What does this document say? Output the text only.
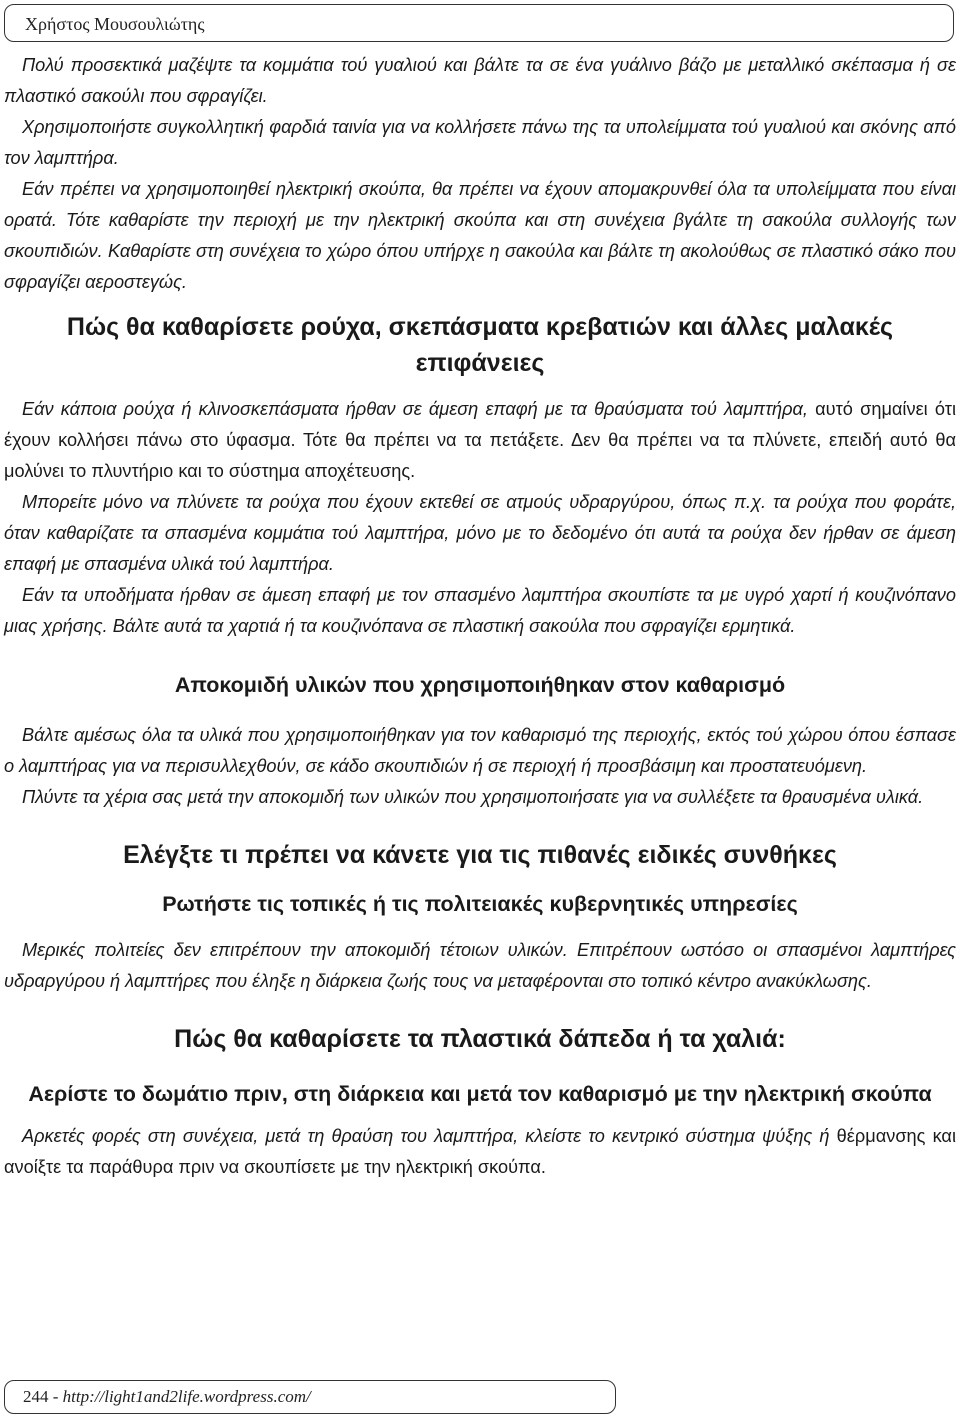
Χρήστος Μουσουλιώτης

Πολύ προσεκτικά μαζέψτε τα κομμάτια τού γυαλιού και βάλτε τα σε ένα γυάλινο βάζο με μεταλλικό σκέπασμα ή σε πλαστικό σακούλι που σφραγίζει.

Χρησιμοποιήστε συγκολλητική φαρδιά ταινία για να κολλήσετε πάνω της τα υπολείμματα τού γυαλιού και σκόνης από τον λαμπτήρα.

Εάν πρέπει να χρησιμοποιηθεί ηλεκτρική σκούπα, θα πρέπει να έχουν απομακρυνθεί όλα τα υπολείμματα που είναι ορατά. Τότε καθαρίστε την περιοχή με την ηλεκτρική σκούπα και στη συνέχεια βγάλτε τη σακούλα συλλογής των σκουπιδιών. Καθαρίστε στη συνέχεια το χώρο όπου υπήρχε η σακούλα και βάλτε τη ακολούθως σε πλαστικό σάκο που σφραγίζει αεροστεγώς.

Πώς θα καθαρίσετε ρούχα, σκεπάσματα κρεβατιών και άλλες μαλακές επιφάνειες

Εάν κάποια ρούχα ή κλινοσκεπάσματα ήρθαν σε άμεση επαφή με τα θραύσματα τού λαμπτήρα, αυτό σημαίνει ότι έχουν κολλήσει πάνω στο ύφασμα. Τότε θα πρέπει να τα πετάξετε. Δεν θα πρέπει να τα πλύνετε, επειδή αυτό θα μολύνει το πλυντήριο και το σύστημα αποχέτευσης.

Μπορείτε μόνο να πλύνετε τα ρούχα που έχουν εκτεθεί σε ατμούς υδραργύρου, όπως π.χ. τα ρούχα που φοράτε, όταν καθαρίζατε τα σπασμένα κομμάτια τού λαμπτήρα, μόνο με το δεδομένο ότι αυτά τα ρούχα δεν ήρθαν σε άμεση επαφή με σπασμένα υλικά τού λαμπτήρα.

Εάν τα υποδήματα ήρθαν σε άμεση επαφή με τον σπασμένο λαμπτήρα σκουπίστε τα με υγρό χαρτί ή κουζινόπανο μιας χρήσης. Βάλτε αυτά τα χαρτιά ή τα κουζινόπανα σε πλαστική σακούλα που σφραγίζει ερμητικά.

Αποκομιδή υλικών που χρησιμοποιήθηκαν στον καθαρισμό

Βάλτε αμέσως όλα τα υλικά που χρησιμοποιήθηκαν για τον καθαρισμό της περιοχής, εκτός τού χώρου όπου έσπασε ο λαμπτήρας για να περισυλλεχθούν, σε κάδο σκουπιδιών ή σε περιοχή ή προσβάσιμη και προστατευόμενη.

Πλύντε τα χέρια σας μετά την αποκομιδή των υλικών που χρησιμοποιήσατε για να συλλέξετε τα θραυσμένα υλικά.

Ελέγξτε τι πρέπει να κάνετε για τις πιθανές ειδικές συνθήκες
Ρωτήστε τις τοπικές ή τις πολιτειακές κυβερνητικές υπηρεσίες

Μερικές πολιτείες δεν επιτρέπουν την αποκομιδή τέτοιων υλικών. Επιτρέπουν ωστόσο οι σπασμένοι λαμπτήρες υδραργύρου ή λαμπτήρες που έληξε η διάρκεια ζωής τους να μεταφέρονται στο τοπικό κέντρο ανακύκλωσης.

Πώς θα καθαρίσετε τα πλαστικά δάπεδα ή τα χαλιά:
Αερίστε το δωμάτιο πριν, στη διάρκεια και μετά τον καθαρισμό με την ηλεκτρική σκούπα

Αρκετές φορές στη συνέχεια, μετά τη θραύση του λαμπτήρα, κλείστε το κεντρικό σύστημα ψύξης ή θέρμανσης και ανοίξτε τα παράθυρα πριν να σκουπίσετε με την ηλεκτρική σκούπα.

244 - http://light1and2life.wordpress.com/
